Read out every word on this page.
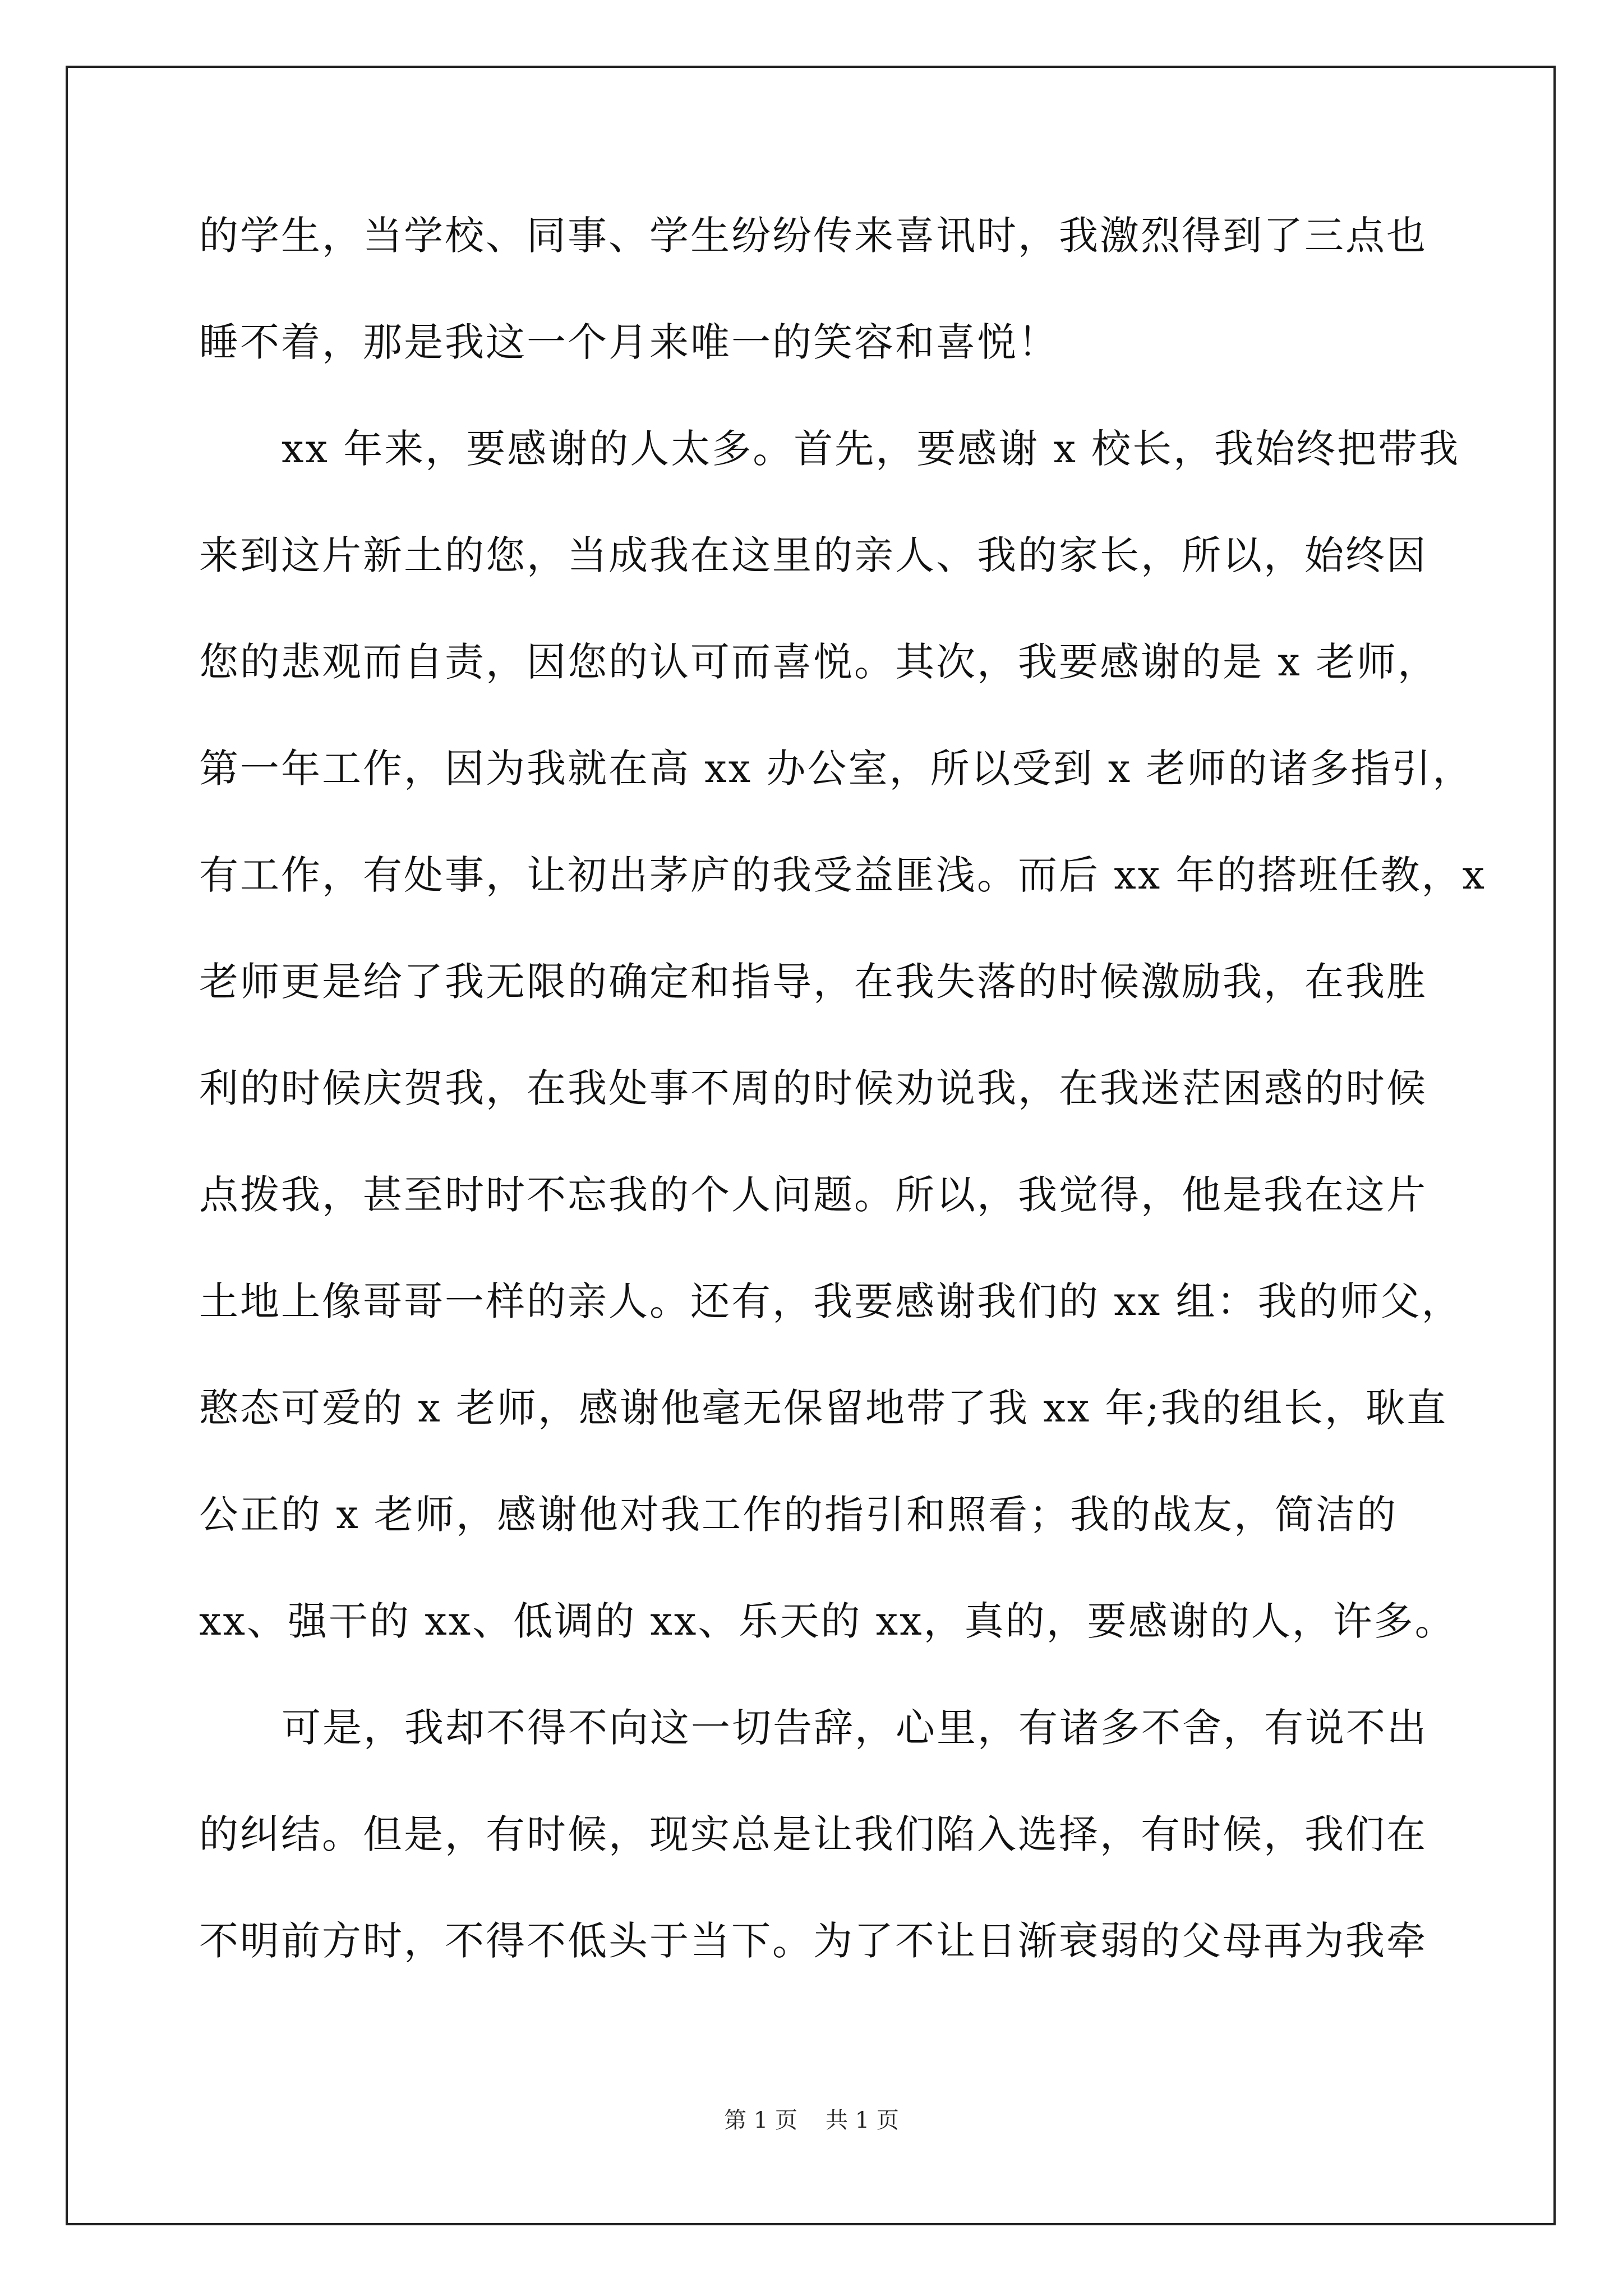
的学生，当学校、同事、学生纷纷传来喜讯时，我激烈得到了三点也
睡不着，那是我这一个月来唯一的笑容和喜悦！
xx 年来，要感谢的人太多。首先，要感谢 x 校长，我始终把带我
来到这片新土的您，当成我在这里的亲人、我的家长，所以，始终因
您的悲观而自责，因您的认可而喜悦。其次，我要感谢的是 x 老师，
第一年工作，因为我就在高 xx 办公室，所以受到 x 老师的诸多指引，
有工作，有处事，让初出茅庐的我受益匪浅。而后 xx 年的搭班任教，x
老师更是给了我无限的确定和指导，在我失落的时候激励我，在我胜
利的时候庆贺我，在我处事不周的时候劝说我，在我迷茫困惑的时候
点拨我，甚至时时不忘我的个人问题。所以，我觉得，他是我在这片
土地上像哥哥一样的亲人。还有，我要感谢我们的 xx 组：我的师父，
憨态可爱的 x 老师，感谢他毫无保留地带了我 xx 年;我的组长，耿直
公正的 x 老师，感谢他对我工作的指引和照看；我的战友，简洁的
xx、强干的 xx、低调的 xx、乐天的 xx，真的，要感谢的人，许多。
可是，我却不得不向这一切告辞，心里，有诸多不舍，有说不出
的纠结。但是，有时候，现实总是让我们陷入选择，有时候，我们在
不明前方时，不得不低头于当下。为了不让日渐衰弱的父母再为我牵
第 1 页 共 1 页
